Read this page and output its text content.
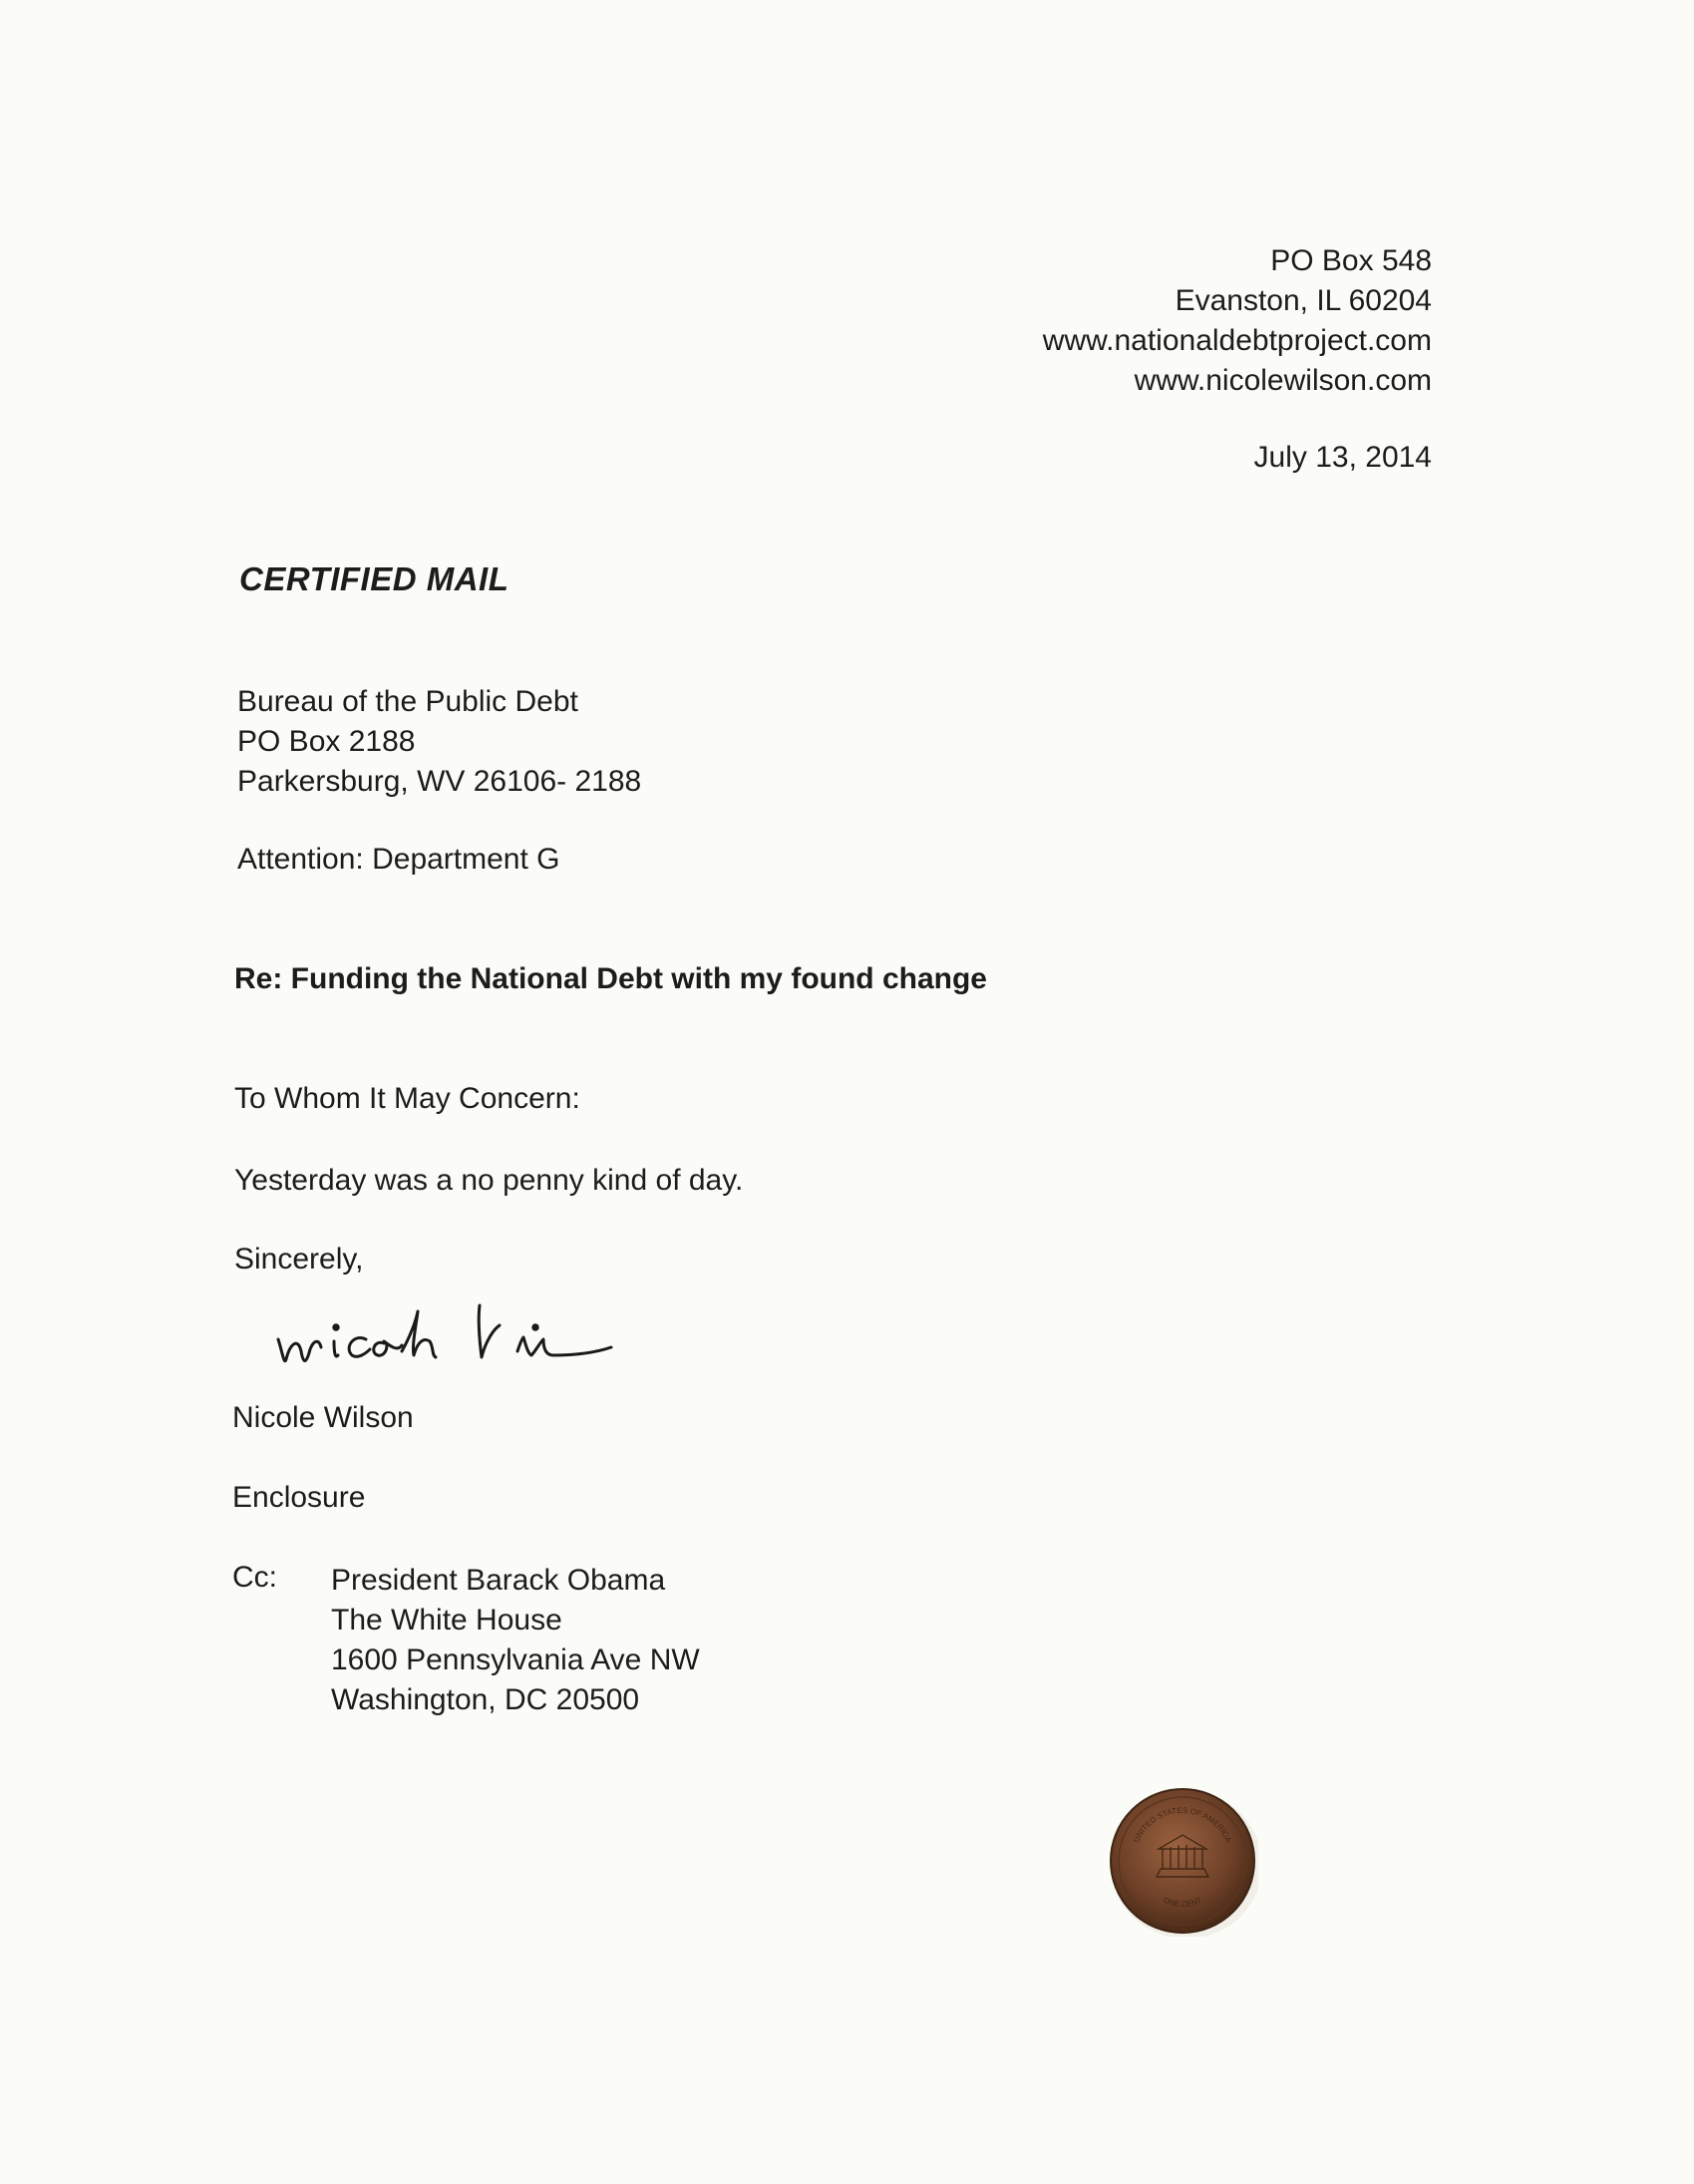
PO Box 548
Evanston, IL 60204
www.nationaldebtproject.com
www.nicolewilson.com
July 13, 2014
CERTIFIED MAIL
Bureau of the Public Debt
PO Box 2188
Parkersburg, WV 26106- 2188
Attention: Department G
Re: Funding the National Debt with my found change
To Whom It May Concern:
Yesterday was a no penny kind of day.
Sincerely,
Nicole Wilson
Enclosure
Cc: President Barack Obama
The White House
1600 Pennsylvania Ave NW
Washington, DC 20500
UNITED STATES OF AMERICA
ONE CENT
